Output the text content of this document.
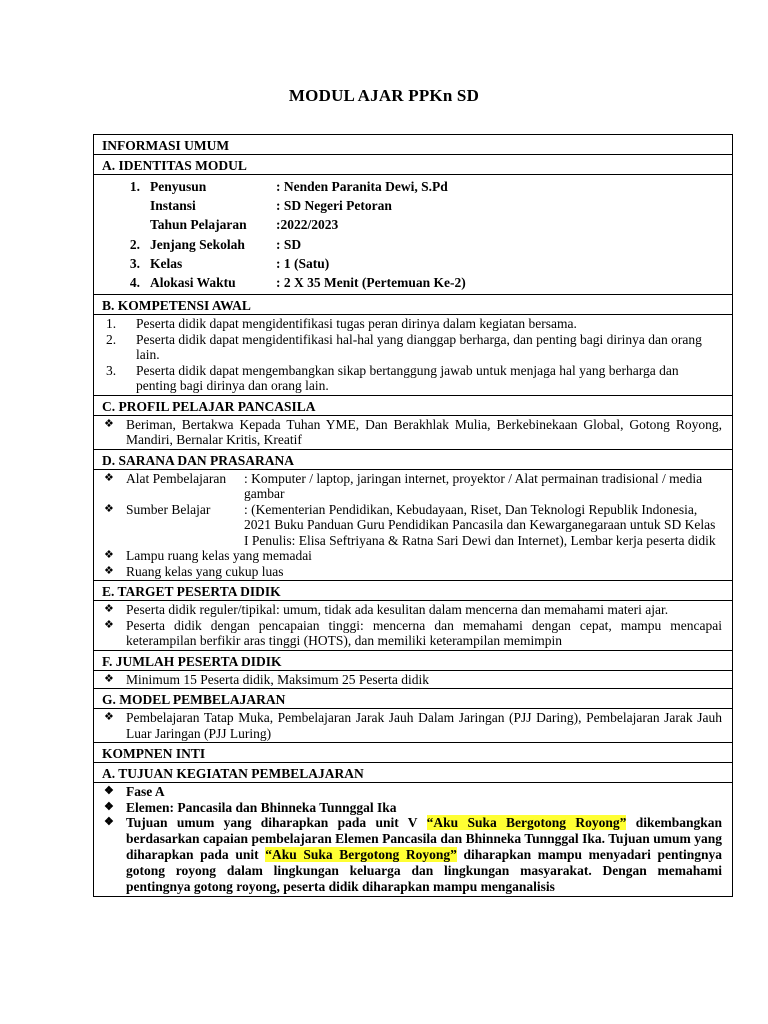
MODUL AJAR PPKn SD
INFORMASI UMUM
A. IDENTITAS MODUL
1. Penyusun	: Nenden Paranita Dewi, S.Pd
Instansi	: SD Negeri Petoran
Tahun Pelajaran	:2022/2023
2. Jenjang Sekolah	: SD
3. Kelas	: 1 (Satu)
4. Alokasi Waktu	: 2 X 35 Menit (Pertemuan Ke-2)
B. KOMPETENSI AWAL
1.	Peserta didik dapat mengidentifikasi tugas peran dirinya dalam kegiatan bersama.
2.	Peserta didik dapat mengidentifikasi hal-hal yang dianggap berharga, dan penting bagi dirinya dan orang lain.
3.	Peserta didik dapat mengembangkan sikap bertanggung jawab untuk menjaga hal yang berharga dan penting bagi dirinya dan orang lain.
C. PROFIL PELAJAR PANCASILA
❖ Beriman, Bertakwa Kepada Tuhan YME, Dan Berakhlak Mulia, Berkebinekaan Global, Gotong Royong, Mandiri, Bernalar Kritis, Kreatif
D. SARANA DAN PRASARANA
❖ Alat Pembelajaran	: Komputer / laptop, jaringan internet, proyektor / Alat permainan tradisional / media gambar
❖ Sumber Belajar	: (Kementerian Pendidikan, Kebudayaan, Riset, Dan Teknologi Republik Indonesia, 2021 Buku Panduan Guru Pendidikan Pancasila dan Kewarganegaraan untuk SD Kelas I Penulis: Elisa Seftriyana & Ratna Sari Dewi dan Internet), Lembar kerja peserta didik
❖ Lampu ruang kelas yang memadai
❖ Ruang kelas yang cukup luas
E. TARGET PESERTA DIDIK
❖ Peserta didik reguler/tipikal: umum, tidak ada kesulitan dalam mencerna dan memahami materi ajar.
❖ Peserta didik dengan pencapaian tinggi: mencerna dan memahami dengan cepat, mampu mencapai keterampilan berfikir aras tinggi (HOTS), dan memiliki keterampilan memimpin
F. JUMLAH PESERTA DIDIK
❖ Minimum 15 Peserta didik, Maksimum 25 Peserta didik
G. MODEL PEMBELAJARAN
❖ Pembelajaran Tatap Muka, Pembelajaran Jarak Jauh Dalam Jaringan (PJJ Daring), Pembelajaran Jarak Jauh Luar Jaringan (PJJ Luring)
KOMPNEN INTI
A. TUJUAN KEGIATAN PEMBELAJARAN
❖ Fase A
❖ Elemen: Pancasila dan Bhinneka Tunnggal Ika
❖ Tujuan umum yang diharapkan pada unit V “Aku Suka Bergotong Royong” dikembangkan berdasarkan capaian pembelajaran Elemen Pancasila dan Bhinneka Tunnggal Ika. Tujuan umum yang diharapkan pada unit “Aku Suka Bergotong Royong” diharapkan mampu menyadari pentingnya gotong royong dalam lingkungan keluarga dan lingkungan masyarakat. Dengan memahami pentingnya gotong royong, peserta didik diharapkan mampu menganalisis
